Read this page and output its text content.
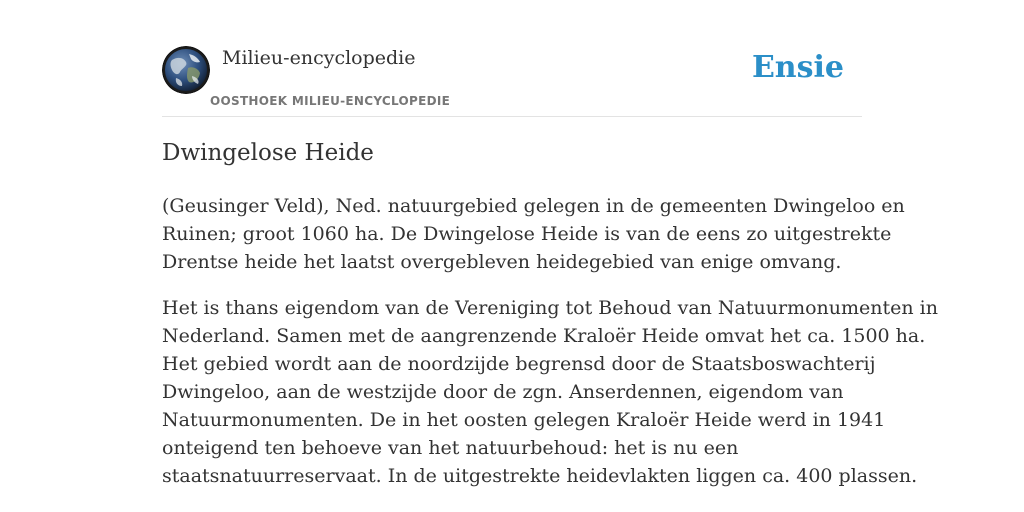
Milieu-encyclopedie
OOSTHOEK MILIEU-ENCYCLOPEDIE
Ensie
Dwingelose Heide

(Geusinger Veld), Ned. natuurgebied gelegen in de gemeenten Dwingeloo en
Ruinen; groot 1060 ha. De Dwingelose Heide is van de eens zo uitgestrekte
Drentse heide het laatst overgebleven heidegebied van enige omvang.

Het is thans eigendom van de Vereniging tot Behoud van Natuurmonumenten in
Nederland. Samen met de aangrenzende Kraloër Heide omvat het ca. 1500 ha.
Het gebied wordt aan de noordzijde begrensd door de Staatsboswachterij
Dwingeloo, aan de westzijde door de zgn. Anserdennen, eigendom van
Natuurmonumenten. De in het oosten gelegen Kraloër Heide werd in 1941
onteigend ten behoeve van het natuurbehoud: het is nu een
staatsnatuurreservaat. In de uitgestrekte heidevlakten liggen ca. 400 plassen.
